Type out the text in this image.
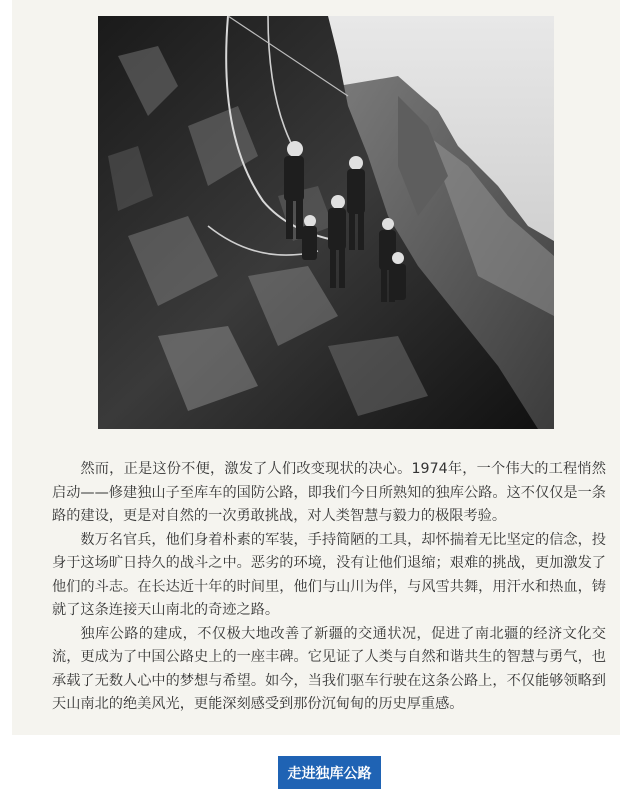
然而，正是这份不便，激发了人们改变现状的决心。1974年，一个伟大的工程悄然启动——修建独山子至库车的国防公路，即我们今日所熟知的独库公路。这不仅仅是一条路的建设，更是对自然的一次勇敢挑战，对人类智慧与毅力的极限考验。

数万名官兵，他们身着朴素的军装，手持简陋的工具，却怀揣着无比坚定的信念，投身于这场旷日持久的战斗之中。恶劣的环境，没有让他们退缩；艰难的挑战，更加激发了他们的斗志。在长达近十年的时间里，他们与山川为伴，与风雪共舞，用汗水和热血，铸就了这条连接天山南北的奇迹之路。

独库公路的建成，不仅极大地改善了新疆的交通状况，促进了南北疆的经济文化交流，更成为了中国公路史上的一座丰碑。它见证了人类与自然和谐共生的智慧与勇气，也承载了无数人心中的梦想与希望。如今，当我们驱车行驶在这条公路上，不仅能够领略到天山南北的绝美风光，更能深刻感受到那份沉甸甸的历史厚重感。

走进独库公路
